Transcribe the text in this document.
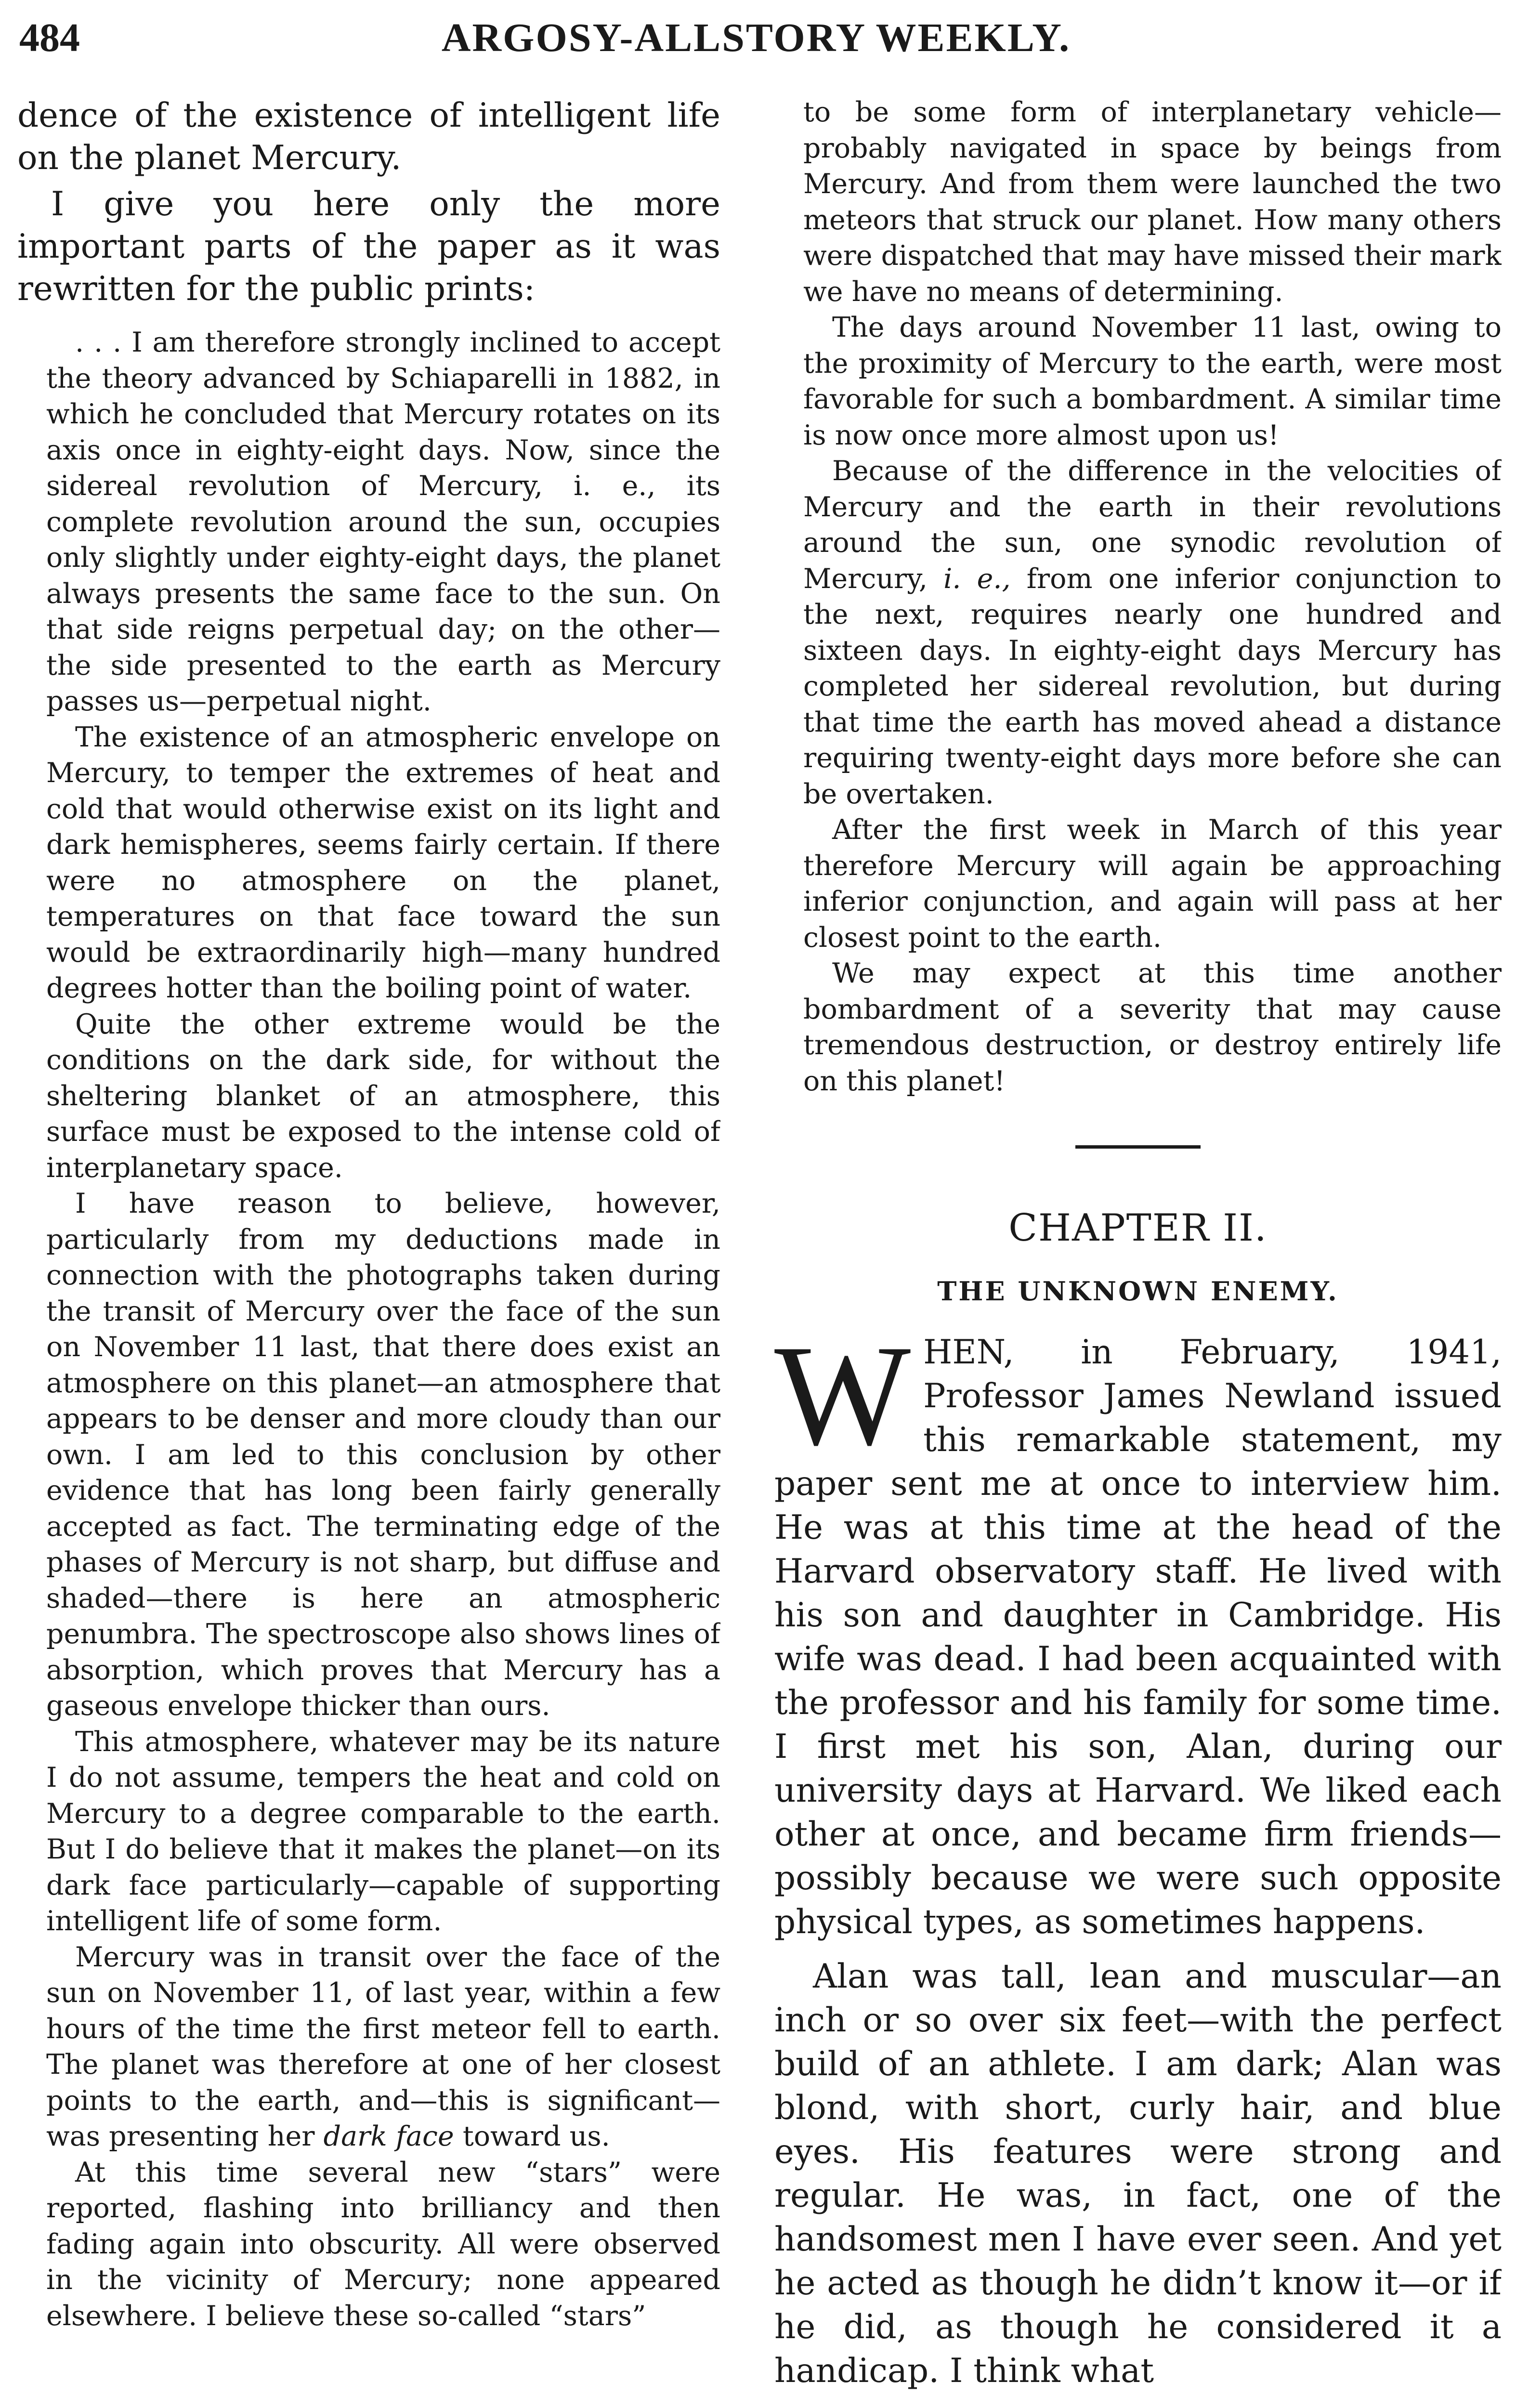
484	ARGOSY-ALLSTORY WEEKLY.

dence of the existence of intelligent life on the planet Mercury.

I give you here only the more important parts of the paper as it was rewritten for the public prints:

. . . I am therefore strongly inclined to accept the theory advanced by Schiaparelli in 1882, in which he concluded that Mercury rotates on its axis once in eighty-eight days. Now, since the sidereal revolution of Mercury, i. e., its complete revolution around the sun, occupies only slightly under eighty-eight days, the planet always presents the same face to the sun. On that side reigns perpetual day; on the other—the side presented to the earth as Mercury passes us—perpetual night.

The existence of an atmospheric envelope on Mercury, to temper the extremes of heat and cold that would otherwise exist on its light and dark hemispheres, seems fairly certain. If there were no atmosphere on the planet, temperatures on that face toward the sun would be extraordinarily high—many hundred degrees hotter than the boiling point of water.

Quite the other extreme would be the conditions on the dark side, for without the sheltering blanket of an atmosphere, this surface must be exposed to the intense cold of interplanetary space.

I have reason to believe, however, particularly from my deductions made in connection with the photographs taken during the transit of Mercury over the face of the sun on November 11 last, that there does exist an atmosphere on this planet—an atmosphere that appears to be denser and more cloudy than our own. I am led to this conclusion by other evidence that has long been fairly generally accepted as fact. The terminating edge of the phases of Mercury is not sharp, but diffuse and shaded—there is here an atmospheric penumbra. The spectroscope also shows lines of absorption, which proves that Mercury has a gaseous envelope thicker than ours.

This atmosphere, whatever may be its nature I do not assume, tempers the heat and cold on Mercury to a degree comparable to the earth. But I do believe that it makes the planet—on its dark face particularly—capable of supporting intelligent life of some form.

Mercury was in transit over the face of the sun on November 11, of last year, within a few hours of the time the first meteor fell to earth. The planet was therefore at one of her closest points to the earth, and—this is significant—was presenting her dark face toward us.

At this time several new “stars” were reported, flashing into brilliancy and then fading again into obscurity. All were observed in the vicinity of Mercury; none appeared elsewhere. I believe these so-called “stars”

to be some form of interplanetary vehicle—probably navigated in space by beings from Mercury. And from them were launched the two meteors that struck our planet. How many others were dispatched that may have missed their mark we have no means of determining.

The days around November 11 last, owing to the proximity of Mercury to the earth, were most favorable for such a bombardment. A similar time is now once more almost upon us!

Because of the difference in the velocities of Mercury and the earth in their revolutions around the sun, one synodic revolution of Mercury, i. e., from one inferior conjunction to the next, requires nearly one hundred and sixteen days. In eighty-eight days Mercury has completed her sidereal revolution, but during that time the earth has moved ahead a distance requiring twenty-eight days more before she can be overtaken.

After the first week in March of this year therefore Mercury will again be approaching inferior conjunction, and again will pass at her closest point to the earth.

We may expect at this time another bombardment of a severity that may cause tremendous destruction, or destroy entirely life on this planet!

CHAPTER II.
THE UNKNOWN ENEMY.

WHEN, in February, 1941, Professor James Newland issued this remarkable statement, my paper sent me at once to interview him. He was at this time at the head of the Harvard observatory staff. He lived with his son and daughter in Cambridge. His wife was dead. I had been acquainted with the professor and his family for some time. I first met his son, Alan, during our university days at Harvard. We liked each other at once, and became firm friends—possibly because we were such opposite physical types, as sometimes happens.

Alan was tall, lean and muscular—an inch or so over six feet—with the perfect build of an athlete. I am dark; Alan was blond, with short, curly hair, and blue eyes. His features were strong and regular. He was, in fact, one of the handsomest men I have ever seen. And yet he acted as though he didn’t know it—or if he did, as though he considered it a handicap. I think what
